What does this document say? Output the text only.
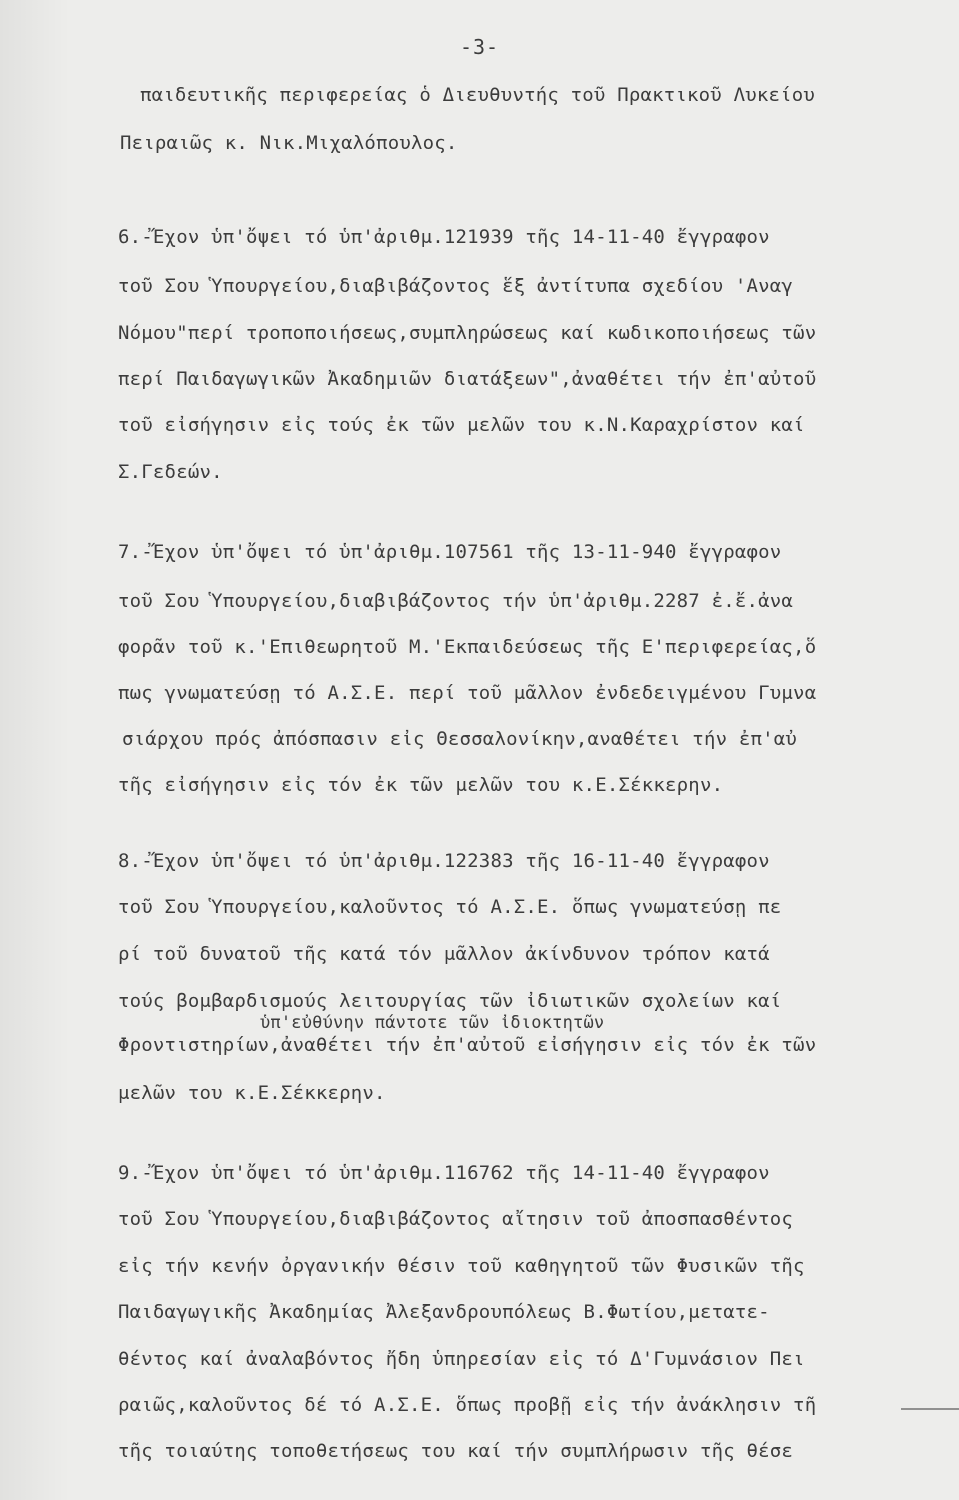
-3-
παιδευτικῆς περιφερείας ὁ Διευθυντής τοῦ Πρακτικοῦ Λυκείου
Πειραιῶς κ. Νικ.Μιχαλόπουλος.
6.-Ἔχον ὑπ'ὄψει τό ὑπ'ἀριθμ.121939 τῆς 14-11-40 ἔγγραφον
τοῦ Σου Ὑπουργείου,διαβιβάζοντος ἕξ ἀντίτυπα σχεδίου 'Αναγ
Νόμου"περί τροποποιήσεως,συμπληρώσεως καί κωδικοποιήσεως τῶν
περί Παιδαγωγικῶν Ἀκαδημιῶν διατάξεων",ἀναθέτει τήν ἐπ'αὐτοῦ
τοῦ εἰσήγησιν εἰς τούς ἐκ τῶν μελῶν του κ.Ν.Καραχρίστον καί
Σ.Γεδεών.
7.-Ἔχον ὑπ'ὄψει τό ὑπ'ἀριθμ.107561 τῆς 13-11-940 ἔγγραφον
τοῦ Σου Ὑπουργείου,διαβιβάζοντος τήν ὑπ'ἀριθμ.2287 ἐ.ἔ.ἀνα
φορᾶν τοῦ κ.'Επιθεωρητοῦ Μ.'Εκπαιδεύσεως τῆς Ε'περιφερείας,ὅ
πως γνωματεύσῃ τό Α.Σ.Ε. περί τοῦ μᾶλλον ἐνδεδειγμένου Γυμνα
σιάρχου πρός ἀπόσπασιν εἰς Θεσσαλονίκην,αναθέτει τήν ἐπ'αὐ
τῆς εἰσήγησιν εἰς τόν ἐκ τῶν μελῶν του κ.Ε.Σέκκερην.
8.-Ἔχον ὑπ'ὄψει τό ὑπ'ἀριθμ.122383 τῆς 16-11-40 ἔγγραφον
τοῦ Σου Ὑπουργείου,καλοῦντος τό Α.Σ.Ε. ὅπως γνωματεύσῃ πε
ρί τοῦ δυνατοῦ τῆς κατά τόν μᾶλλον ἀκίνδυνον τρόπον κατά
τούς βομβαρδισμούς λειτουργίας τῶν ἰδιωτικῶν σχολείων καί
ὑπ'εὐθύνην πάντοτε τῶν ἰδιοκτητῶν
Φροντιστηρίων,ἀναθέτει τήν ἐπ'αὐτοῦ εἰσήγησιν εἰς τόν ἐκ τῶν
μελῶν του κ.Ε.Σέκκερην.
9.-Ἔχον ὑπ'ὄψει τό ὑπ'ἀριθμ.116762 τῆς 14-11-40 ἔγγραφον
τοῦ Σου Ὑπουργείου,διαβιβάζοντος αἴτησιν τοῦ ἀποσπασθέντος
εἰς τήν κενήν ὀργανικήν θέσιν τοῦ καθηγητοῦ τῶν Φυσικῶν τῆς
Παιδαγωγικῆς Ἀκαδημίας Ἀλεξανδρουπόλεως Β.Φωτίου,μετατε-
θέντος καί ἀναλαβόντος ἤδη ὑπηρεσίαν εἰς τό Δ'Γυμνάσιον Πει
ραιῶς,καλοῦντος δέ τό Α.Σ.Ε. ὅπως προβῇ εἰς τήν ἀνάκλησιν τῆ
τῆς τοιαύτης τοποθετήσεως του καί τήν συμπλήρωσιν τῆς θέσε
